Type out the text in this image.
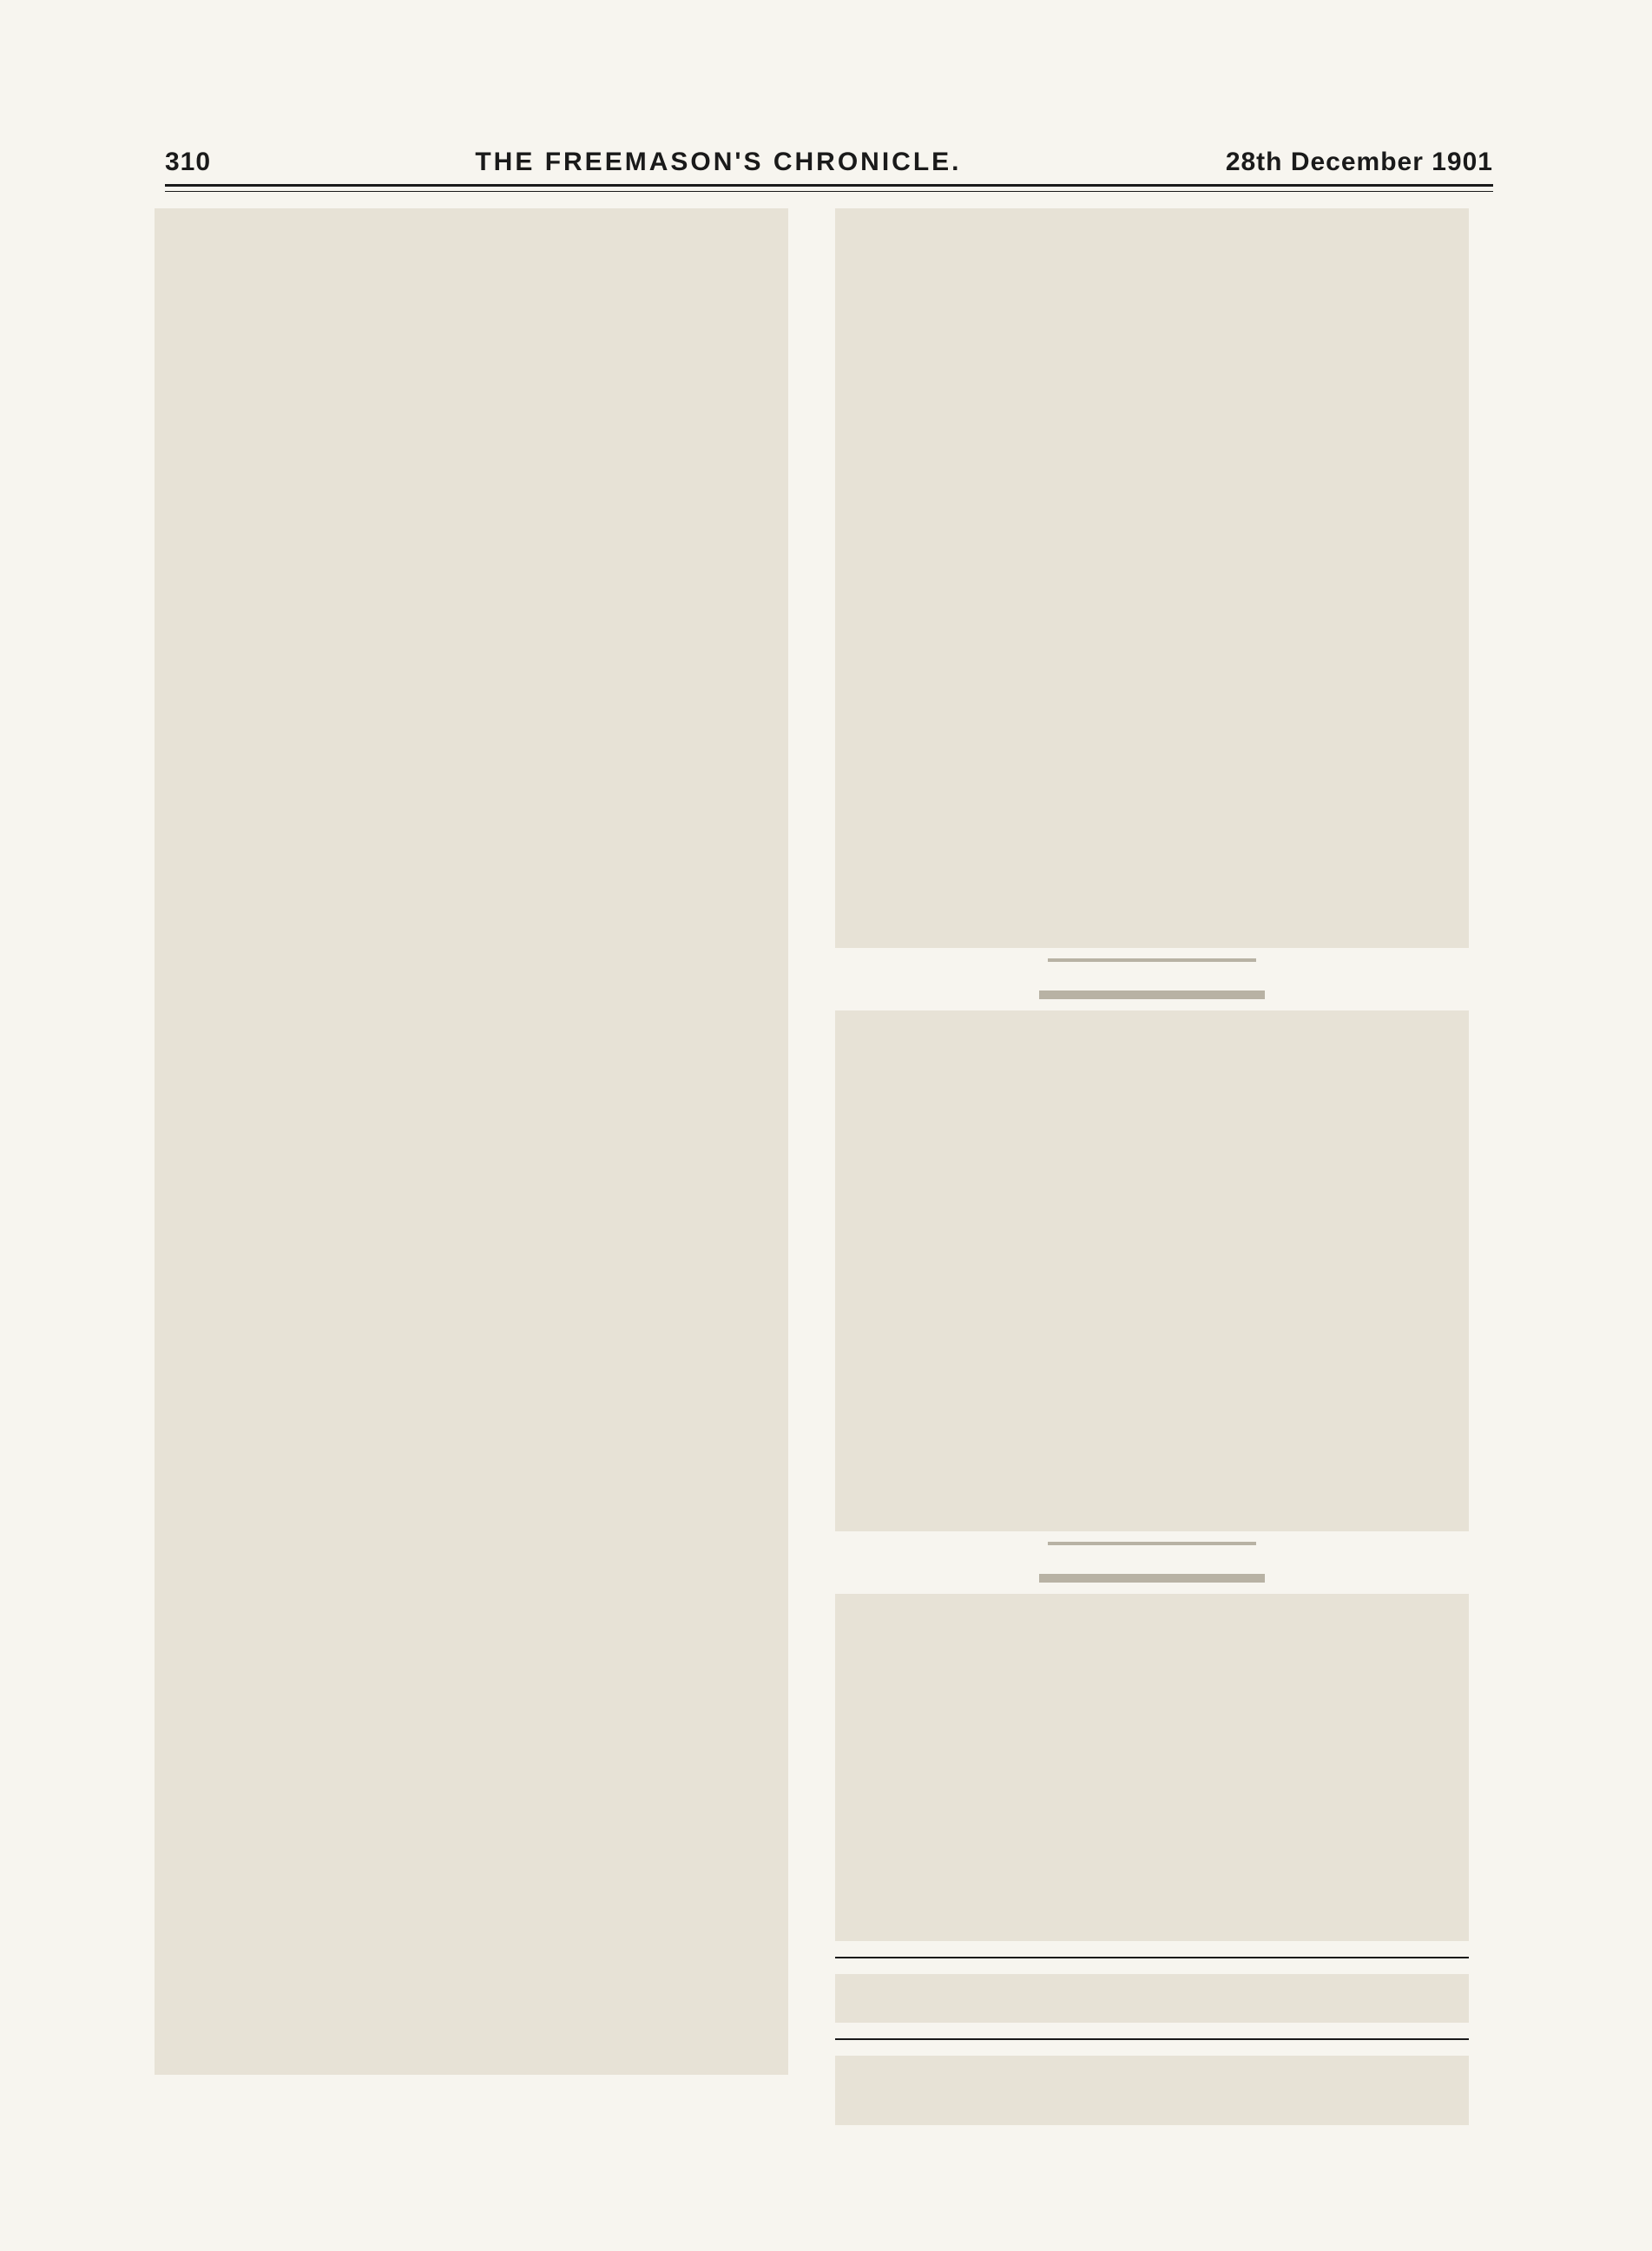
310	THE FREEMASON'S CHRONICLE.	28th December 1901
